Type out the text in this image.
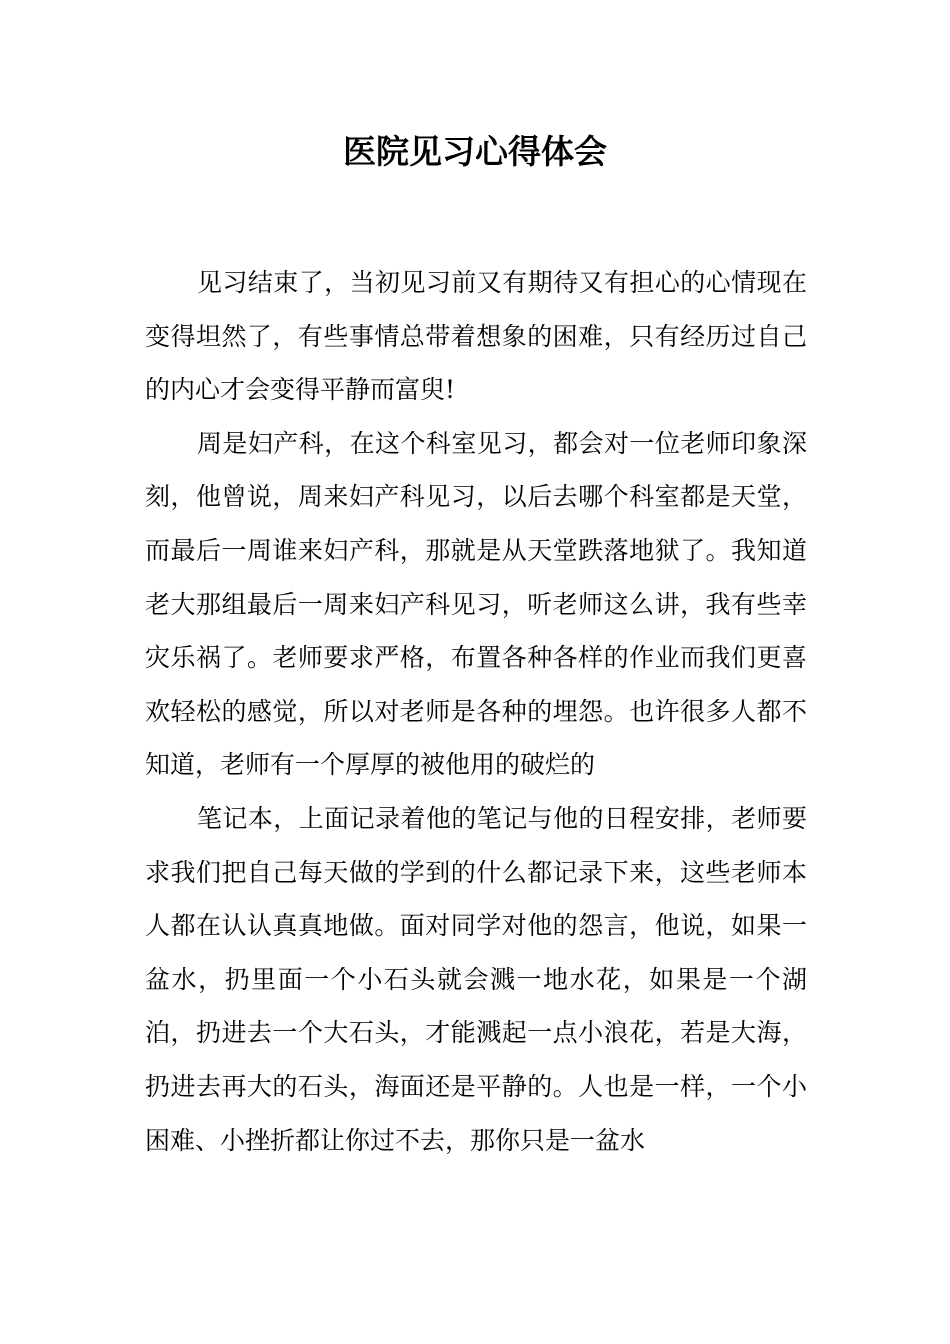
医院见习心得体会

见习结束了，当初见习前又有期待又有担心的心情现在变得坦然了，有些事情总带着想象的困难，只有经历过自己的内心才会变得平静而富臾!

周是妇产科，在这个科室见习，都会对一位老师印象深刻，他曾说，周来妇产科见习，以后去哪个科室都是天堂，而最后一周谁来妇产科，那就是从天堂跌落地狱了。我知道老大那组最后一周来妇产科见习，听老师这么讲，我有些幸灾乐祸了。老师要求严格，布置各种各样的作业而我们更喜欢轻松的感觉，所以对老师是各种的埋怨。也许很多人都不知道，老师有一个厚厚的被他用的破烂的

笔记本，上面记录着他的笔记与他的日程安排，老师要求我们把自己每天做的学到的什么都记录下来，这些老师本人都在认认真真地做。面对同学对他的怨言，他说，如果一盆水，扔里面一个小石头就会溅一地水花，如果是一个湖泊，扔进去一个大石头，才能溅起一点小浪花，若是大海，扔进去再大的石头，海面还是平静的。人也是一样，一个小困难、小挫折都让你过不去，那你只是一盆水
